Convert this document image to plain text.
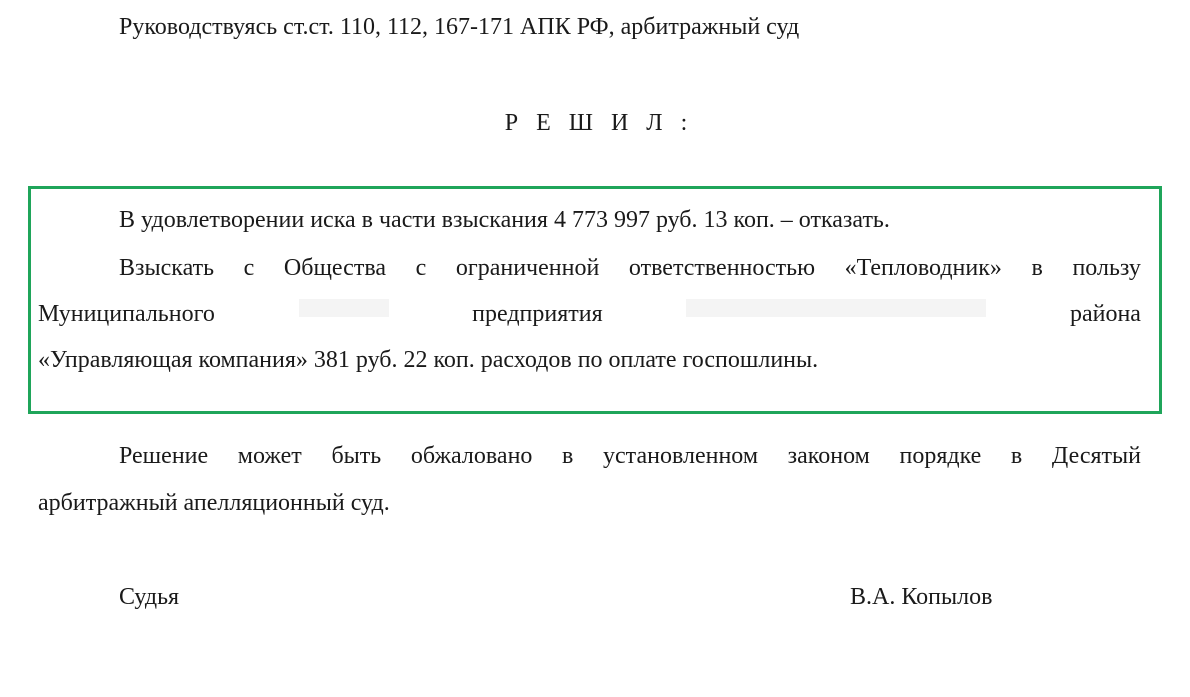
Руководствуясь ст.ст. 110, 112, 167-171 АПК РФ, арбитражный суд
Р Е Ш И Л :
В удовлетворении иска в части взыскания 4 773 997 руб. 13 коп. – отказать.
Взыскать с Общества с ограниченной ответственностью «Тепловодник» в пользу
Муниципального	предприятия	района
«Управляющая компания» 381 руб. 22 коп. расходов по оплате госпошлины.
Решение может быть обжаловано в установленном законом порядке в Десятый
арбитражный апелляционный суд.
Судья	В.А. Копылов
